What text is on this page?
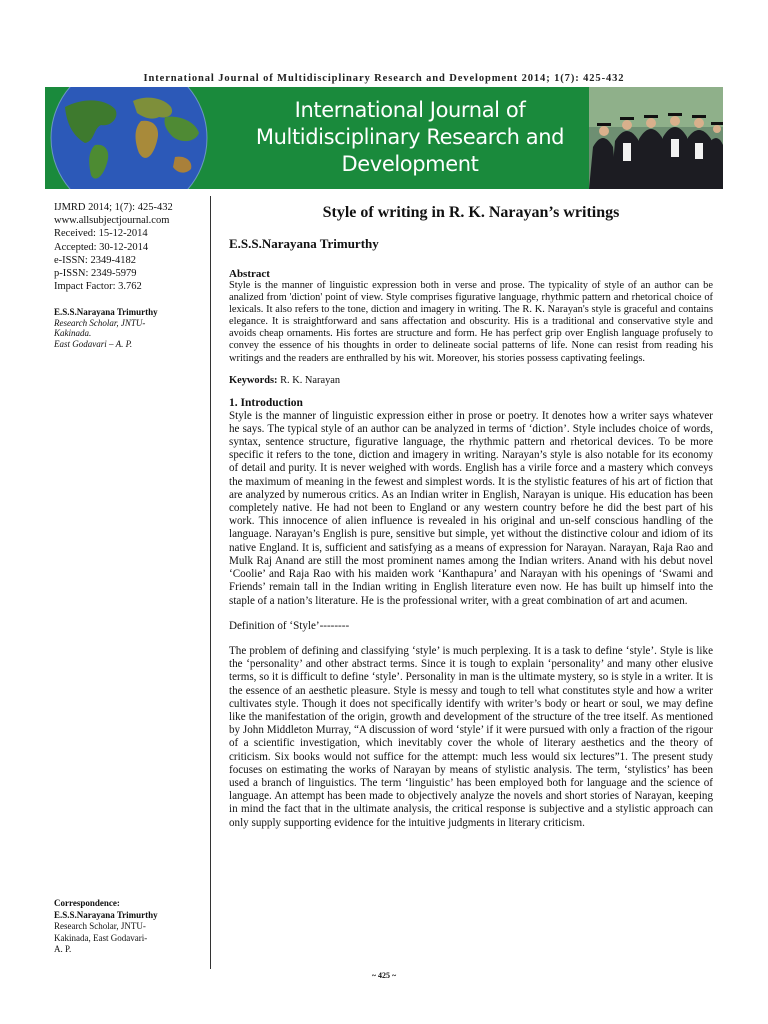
International Journal of Multidisciplinary Research and Development 2014; 1(7): 425-432
International Journal of
Multidisciplinary Research and
Development
IJMRD 2014; 1(7): 425-432
www.allsubjectjournal.com
Received: 15-12-2014
Accepted: 30-12-2014
e-ISSN: 2349-4182
p-ISSN: 2349-5979
Impact Factor: 3.762
E.S.S.Narayana Trimurthy
Research Scholar, JNTU-
Kakinada.
East Godavari – A. P.
Correspondence:
E.S.S.Narayana Trimurthy
Research Scholar, JNTU-
Kakinada, East Godavari-
A. P.
Style of writing in R. K. Narayan’s writings
E.S.S.Narayana Trimurthy
Abstract

Style is the manner of linguistic expression both in verse and prose. The typicality of style of an author can be analized from 'diction' point of view. Style comprises figurative language, rhythmic pattern and rhetorical choice of lexicals. It also refers to the tone, diction and imagery in writing. The R. K. Narayan's style is graceful and contains elegance. It is straightforward and sans affectation and obscurity. His is a traditional and conservative style and avoids cheap ornaments. His fortes are structure and form. He has perfect grip over English language profusely to convey the essence of his thoughts in order to delineate social patterns of life. None can resist from reading his writings and the readers are enthralled by his wit. Moreover, his stories possess captivating feelings.

Keywords: R. K. Narayan
1. Introduction

Style is the manner of linguistic expression either in prose or poetry. It denotes how a writer says whatever he says. The typical style of an author can be analyzed in terms of ‘diction’. Style includes choice of words, syntax, sentence structure, figurative language, the rhythmic pattern and rhetorical devices. To be more specific it refers to the tone, diction and imagery in writing. Narayan’s style is also notable for its economy of detail and purity. It is never weighed with words. English has a virile force and a mastery which conveys the maximum of meaning in the fewest and simplest words. It is the stylistic features of his art of fiction that are analyzed by numerous critics. As an Indian writer in English, Narayan is unique. His education has been completely native. He had not been to England or any western country before he did the best part of his work. This innocence of alien influence is revealed in his original and un-self conscious handling of the language. Narayan’s English is pure, sensitive but simple, yet without the distinctive colour and idiom of its native England. It is, sufficient and satisfying as a means of expression for Narayan. Narayan, Raja Rao and Mulk Raj Anand are still the most prominent names among the Indian writers. Anand with his debut novel ‘Coolie’ and Raja Rao with his maiden work ‘Kanthapura’ and Narayan with his openings of ‘Swami and Friends’ remain tall in the Indian writing in English literature even now. He has built up himself into the staple of a nation’s literature. He is the professional writer, with a great combination of art and acumen.

Definition of ‘Style’--------

The problem of defining and classifying ‘style’ is much perplexing. It is a task to define ‘style’. Style is like the ‘personality’ and other abstract terms. Since it is tough to explain ‘personality’ and many other elusive terms, so it is difficult to define ‘style’. Personality in man is the ultimate mystery, so is style in a writer. It is the essence of an aesthetic pleasure. Style is messy and tough to tell what constitutes style and how a writer cultivates style. Though it does not specifically identify with writer’s body or heart or soul, we may define like the manifestation of the origin, growth and development of the structure of the tree itself. As mentioned by John Middleton Murray, “A discussion of word ‘style’ if it were pursued with only a fraction of the rigour of a scientific investigation, which inevitably cover the whole of literary aesthetics and the theory of criticism. Six books would not suffice for the attempt: much less would six lectures”1. The present study focuses on estimating the works of Narayan by means of stylistic analysis. The term, ‘stylistics’ has been used a branch of linguistics. The term ‘linguistic’ has been employed both for language and the science of language. An attempt has been made to objectively analyze the novels and short stories of Narayan, keeping in mind the fact that in the ultimate analysis, the critical response is subjective and a stylistic approach can only supply supporting evidence for the intuitive judgments in literary criticism.

~ 425 ~
